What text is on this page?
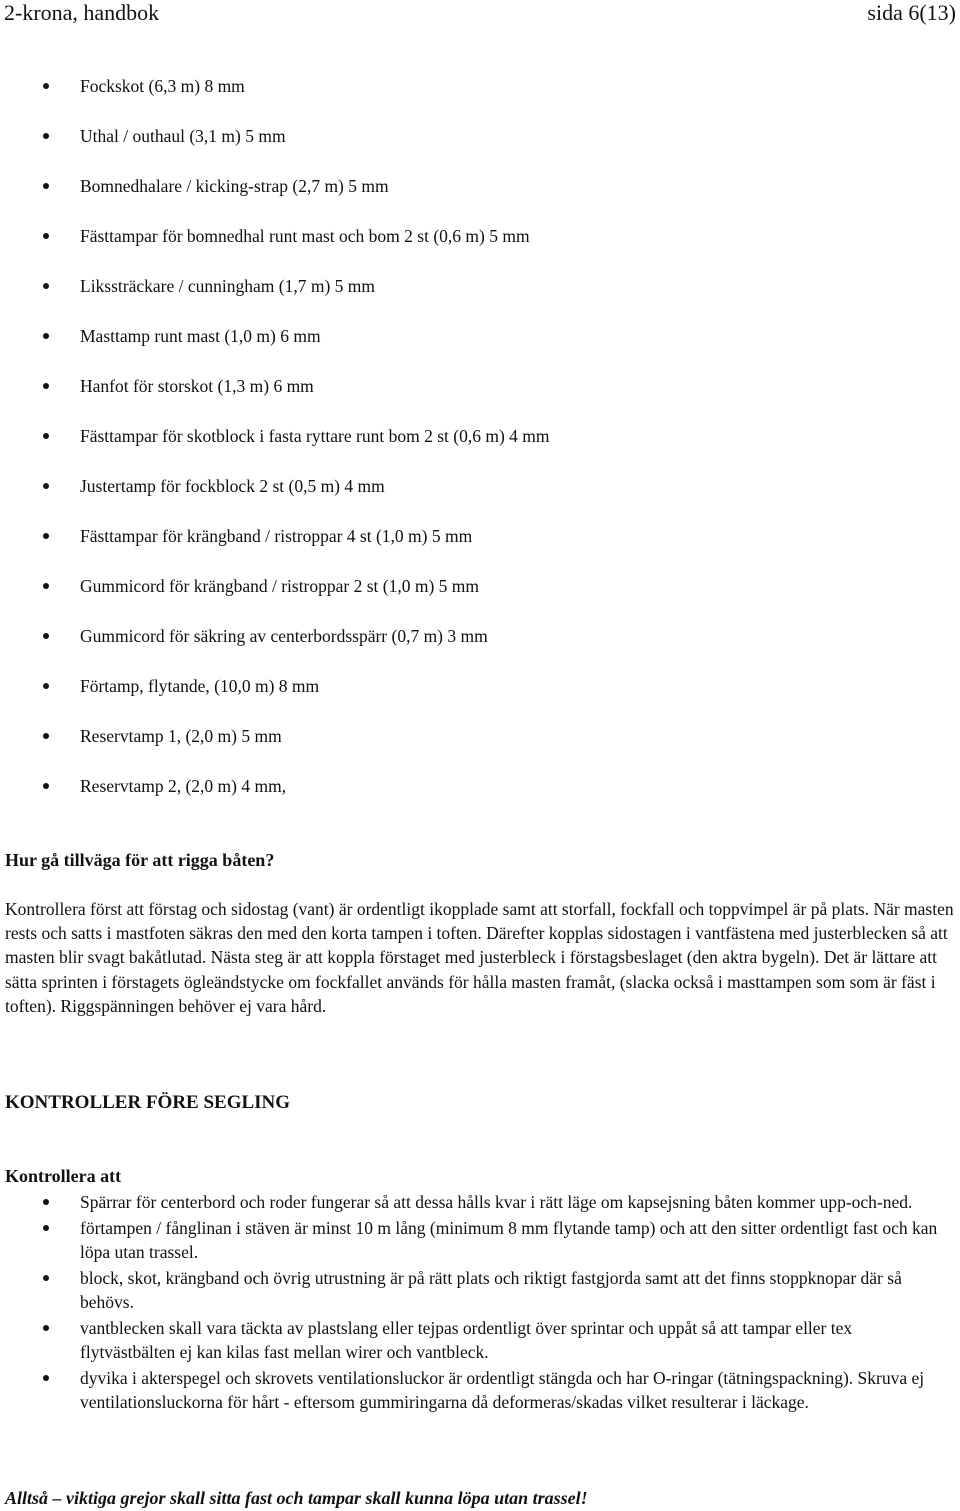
2-krona, handbok	sida 6(13)
Fockskot (6,3 m) 8 mm
Uthal / outhaul (3,1 m) 5 mm
Bomnedhalare / kicking-strap (2,7 m) 5 mm
Fästtampar för bomnedhal runt mast och bom 2 st (0,6 m) 5 mm
Likssträckare / cunningham (1,7 m) 5 mm
Masttamp runt mast (1,0 m) 6 mm
Hanfot för storskot (1,3 m) 6 mm
Fästtampar för skotblock i fasta ryttare runt bom 2 st (0,6 m) 4 mm
Justertamp för fockblock 2 st (0,5 m) 4 mm
Fästtampar för krängband / ristroppar 4 st (1,0 m) 5 mm
Gummicord för krängband / ristroppar 2 st (1,0 m) 5 mm
Gummicord för säkring av centerbordsspärr (0,7 m) 3 mm
Förtamp, flytande, (10,0 m) 8 mm
Reservtamp 1, (2,0 m) 5 mm
Reservtamp 2, (2,0 m) 4 mm,
Hur gå tillväga för att rigga båten?

Kontrollera först att förstag och sidostag (vant) är ordentligt ikopplade samt att storfall, fockfall och toppvimpel är på plats. När masten rests och satts i mastfoten säkras den med den korta tampen i toften. Därefter kopplas sidostagen i vantfästena med justerblecken så att masten blir svagt bakåtlutad. Nästa steg är att koppla förstaget med justerbleck i förstagsbeslaget (den aktra bygeln). Det är lättare att sätta sprinten i förstagets ögleändstycke om fockfallet används för hålla masten framåt, (slacka också i masttampen som som är fäst i toften). Riggspänningen behöver ej vara hård.

KONTROLLER FÖRE SEGLING
Kontrollera att
Spärrar för centerbord och roder fungerar så att dessa hålls kvar i rätt läge om kapsejsning båten kommer upp-och-ned.
förtampen / fånglinan i stäven är minst 10 m lång (minimum 8 mm flytande tamp) och att den sitter ordentligt fast och kan löpa utan trassel.
block, skot, krängband och övrig utrustning är på rätt plats och riktigt fastgjorda samt att det finns stoppknopar där så behövs.
vantblecken skall vara täckta av plastslang eller tejpas ordentligt över sprintar och uppåt så att tampar eller tex flytvästbälten ej kan kilas fast mellan wirer och vantbleck.
dyvika i akterspegel och skrovets ventilationsluckor är ordentligt stängda och har O-ringar (tätningspackning). Skruva ej ventilationsluckorna för hårt - eftersom gummiringarna då deformeras/skadas vilket resulterar i läckage.
Alltså – viktiga grejor skall sitta fast och tampar skall kunna löpa utan trassel!
